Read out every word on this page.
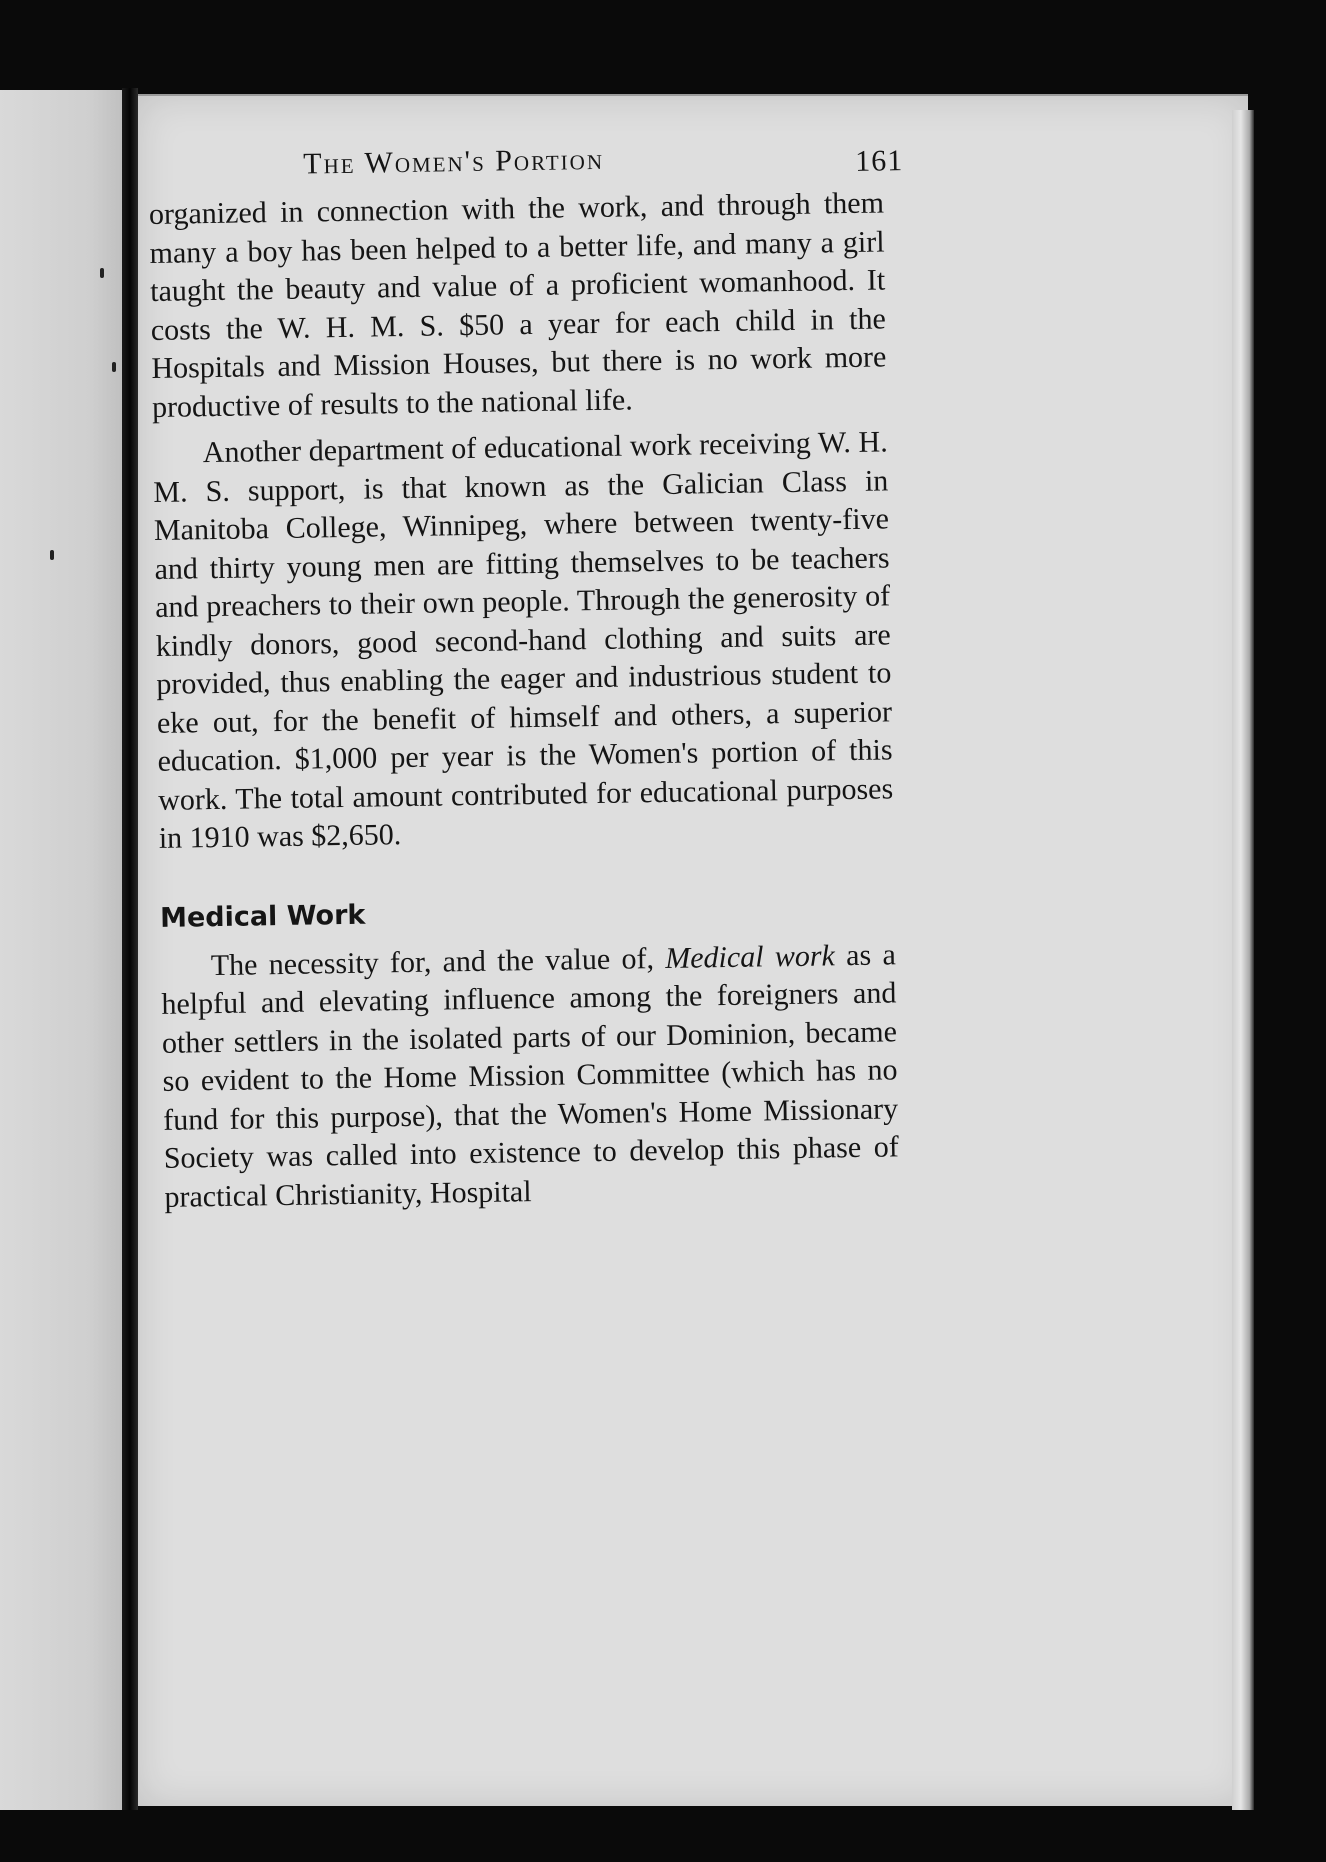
The Women's Portion	161

organized in connection with the work, and through them many a boy has been helped to a better life, and many a girl taught the beauty and value of a proficient womanhood. It costs the W. H. M. S. $50 a year for each child in the Hospitals and Mission Houses, but there is no work more productive of results to the national life.

Another department of educational work receiving W. H. M. S. support, is that known as the Galician Class in Manitoba College, Winnipeg, where between twenty-five and thirty young men are fitting themselves to be teachers and preachers to their own people. Through the generosity of kindly donors, good second-hand clothing and suits are provided, thus enabling the eager and industrious student to eke out, for the benefit of himself and others, a superior education. $1,000 per year is the Women's portion of this work. The total amount contributed for educational purposes in 1910 was $2,650.

Medical Work

The necessity for, and the value of, Medical work as a helpful and elevating influence among the foreigners and other settlers in the isolated parts of our Dominion, became so evident to the Home Mission Committee (which has no fund for this purpose), that the Women's Home Missionary Society was called into existence to develop this phase of practical Christianity, Hospital
